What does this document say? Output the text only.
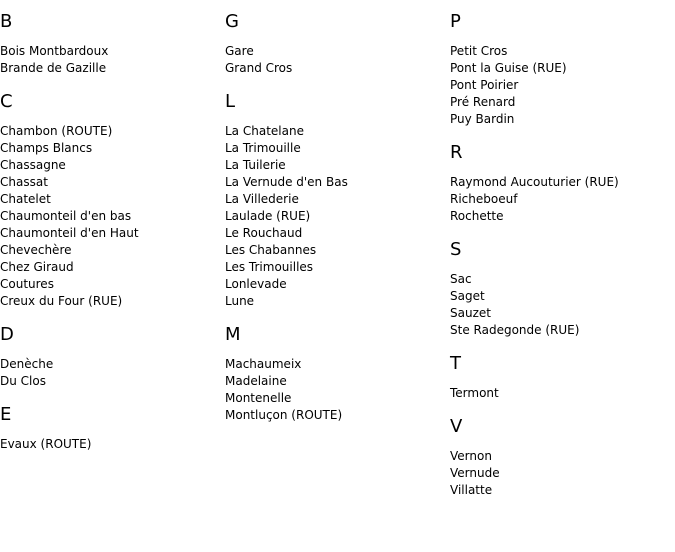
B
Bois Montbardoux
Brande de Gazille
C
Chambon (ROUTE)
Champs Blancs
Chassagne
Chassat
Chatelet
Chaumonteil d'en bas
Chaumonteil d'en Haut
Chevechère
Chez Giraud
Coutures
Creux du Four (RUE)
D
Denèche
Du Clos
E
Evaux (ROUTE)
G
Gare
Grand Cros
L
La Chatelane
La Trimouille
La Tuilerie
La Vernude d'en Bas
La Villederie
Laulade (RUE)
Le Rouchaud
Les Chabannes
Les Trimouilles
Lonlevade
Lune
M
Machaumeix
Madelaine
Montenelle
Montluçon (ROUTE)
P
Petit Cros
Pont la Guise (RUE)
Pont Poirier
Pré Renard
Puy Bardin
R
Raymond Aucouturier (RUE)
Richeboeuf
Rochette
S
Sac
Saget
Sauzet
Ste Radegonde (RUE)
T
Termont
V
Vernon
Vernude
Villatte
